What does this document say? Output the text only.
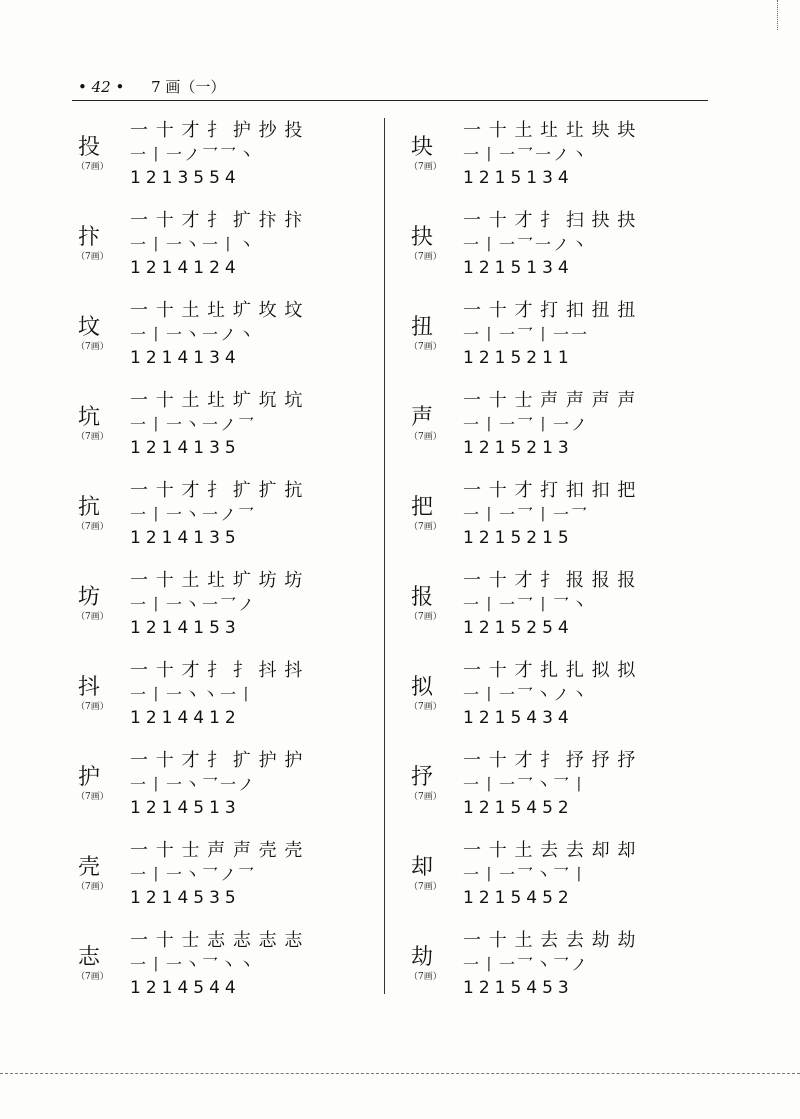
• 42 • 7 画（一）
投
（7画）
一 十 才 扌 护 抄 投
一丨一ノ乛乛丶
1213554
抃
（7画）
一 十 才 扌 扩 抃 抃
一丨一丶一丨丶
1214124
坟
（7画）
一 十 土 圵 圹 坆 坟
一丨一丶一ノ丶
1214134
坑
（7画）
一 十 土 圵 圹 坈 坑
一丨一丶一ノ乛
1214135
抗
（7画）
一 十 才 扌 扩 扩 抗
一丨一丶一ノ乛
1214135
坊
（7画）
一 十 土 圵 圹 坊 坊
一丨一丶一乛ノ
1214153
抖
（7画）
一 十 才 扌 扌 抖 抖
一丨一丶丶一丨
1214412
护
（7画）
一 十 才 扌 扩 护 护
一丨一丶乛一ノ
1214513
壳
（7画）
一 十 士 声 声 壳 壳
一丨一丶乛ノ乛
1214535
志
（7画）
一 十 士 志 志 志 志
一丨一丶乛丶丶
1214544
块
（7画）
一 十 土 圵 圵 块 块
一丨一乛一ノ丶
1215134
抉
（7画）
一 十 才 扌 扫 抉 抉
一丨一乛一ノ丶
1215134
扭
（7画）
一 十 才 打 扣 扭 扭
一丨一乛丨一一
1215211
声
（7画）
一 十 士 声 声 声 声
一丨一乛丨一ノ
1215213
把
（7画）
一 十 才 打 扣 扣 把
一丨一乛丨一乛
1215215
报
（7画）
一 十 才 扌 报 报 报
一丨一乛丨乛丶
1215254
拟
（7画）
一 十 才 扎 扎 拟 拟
一丨一乛丶ノ丶
1215434
抒
（7画）
一 十 才 扌 抒 抒 抒
一丨一乛丶乛丨
1215452
却
（7画）
一 十 土 去 去 却 却
一丨一乛丶乛丨
1215452
劫
（7画）
一 十 土 去 去 劫 劫
一丨一乛丶乛ノ
1215453
